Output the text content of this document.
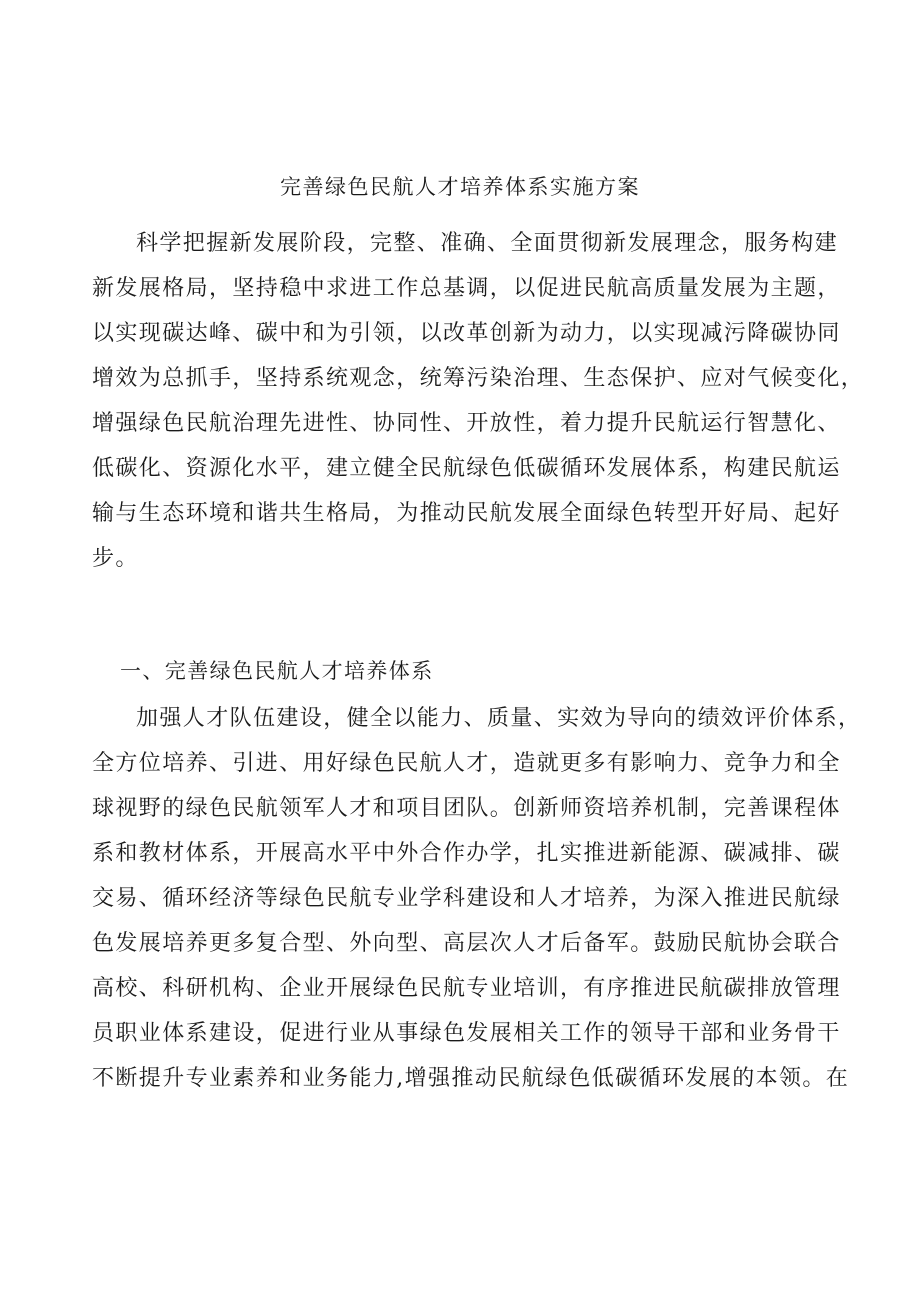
完善绿色民航人才培养体系实施方案
科学把握新发展阶段，完整、准确、全面贯彻新发展理念，服务构建
新发展格局，坚持稳中求进工作总基调，以促进民航高质量发展为主题，
以实现碳达峰、碳中和为引领，以改革创新为动力，以实现减污降碳协同
增效为总抓手，坚持系统观念，统筹污染治理、生态保护、应对气候变化，
增强绿色民航治理先进性、协同性、开放性，着力提升民航运行智慧化、
低碳化、资源化水平，建立健全民航绿色低碳循环发展体系，构建民航运
输与生态环境和谐共生格局，为推动民航发展全面绿色转型开好局、起好
步。
一、完善绿色民航人才培养体系
加强人才队伍建设，健全以能力、质量、实效为导向的绩效评价体系，
全方位培养、引进、用好绿色民航人才，造就更多有影响力、竞争力和全
球视野的绿色民航领军人才和项目团队。创新师资培养机制，完善课程体
系和教材体系，开展高水平中外合作办学，扎实推进新能源、碳减排、碳
交易、循环经济等绿色民航专业学科建设和人才培养，为深入推进民航绿
色发展培养更多复合型、外向型、高层次人才后备军。鼓励民航协会联合
高校、科研机构、企业开展绿色民航专业培训，有序推进民航碳排放管理
员职业体系建设，促进行业从事绿色发展相关工作的领导干部和业务骨干
不断提升专业素养和业务能力,增强推动民航绿色低碳循环发展的本领。在
